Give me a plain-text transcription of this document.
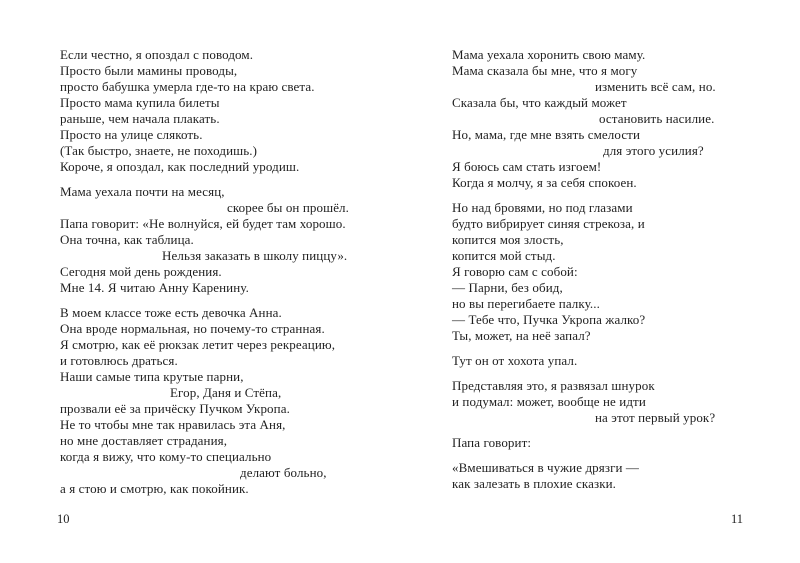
Если честно, я опоздал с поводом.
Просто были мамины проводы,
просто бабушка умерла где-то на краю света.
Просто мама купила билеты
раньше, чем начала плакать.
Просто на улице слякоть.
(Так быстро, знаете, не походишь.)
Короче, я опоздал, как последний уродиш.
Мама уехала почти на месяц,
скорее бы он прошёл.
Папа говорит: «Не волнуйся, ей будет там хорошо.
Она точна, как таблица.
Нельзя заказать в школу пиццу».
Сегодня мой день рождения.
Мне 14. Я читаю Анну Каренину.
В моем классе тоже есть девочка Анна.
Она вроде нормальная, но почему-то странная.
Я смотрю, как её рюкзак летит через рекреацию,
и готовлюсь драться.
Наши самые типа крутые парни,
Егор, Даня и Стёпа,
прозвали её за причёску Пучком Укропа.
Не то чтобы мне так нравилась эта Аня,
но мне доставляет страдания,
когда я вижу, что кому-то специально
делают больно,
а я стою и смотрю, как покойник.
Мама уехала хоронить свою маму.
Мама сказала бы мне, что я могу
изменить всё сам, но.
Сказала бы, что каждый может
остановить насилие.
Но, мама, где мне взять смелости
для этого усилия?
Я боюсь сам стать изгоем!
Когда я молчу, я за себя спокоен.
Но над бровями, но под глазами
будто вибрирует синяя стрекоза, и
копится моя злость,
копится мой стыд.
Я говорю сам с собой:
— Парни, без обид,
но вы перегибаете палку...
— Тебе что, Пучка Укропа жалко?
Ты, может, на неё запал?
Тут он от хохота упал.
Представляя это, я развязал шнурок
и подумал: может, вообще не идти
на этот первый урок?
Папа говорит:
«Вмешиваться в чужие дрязги —
как залезать в плохие сказки.
10	11
